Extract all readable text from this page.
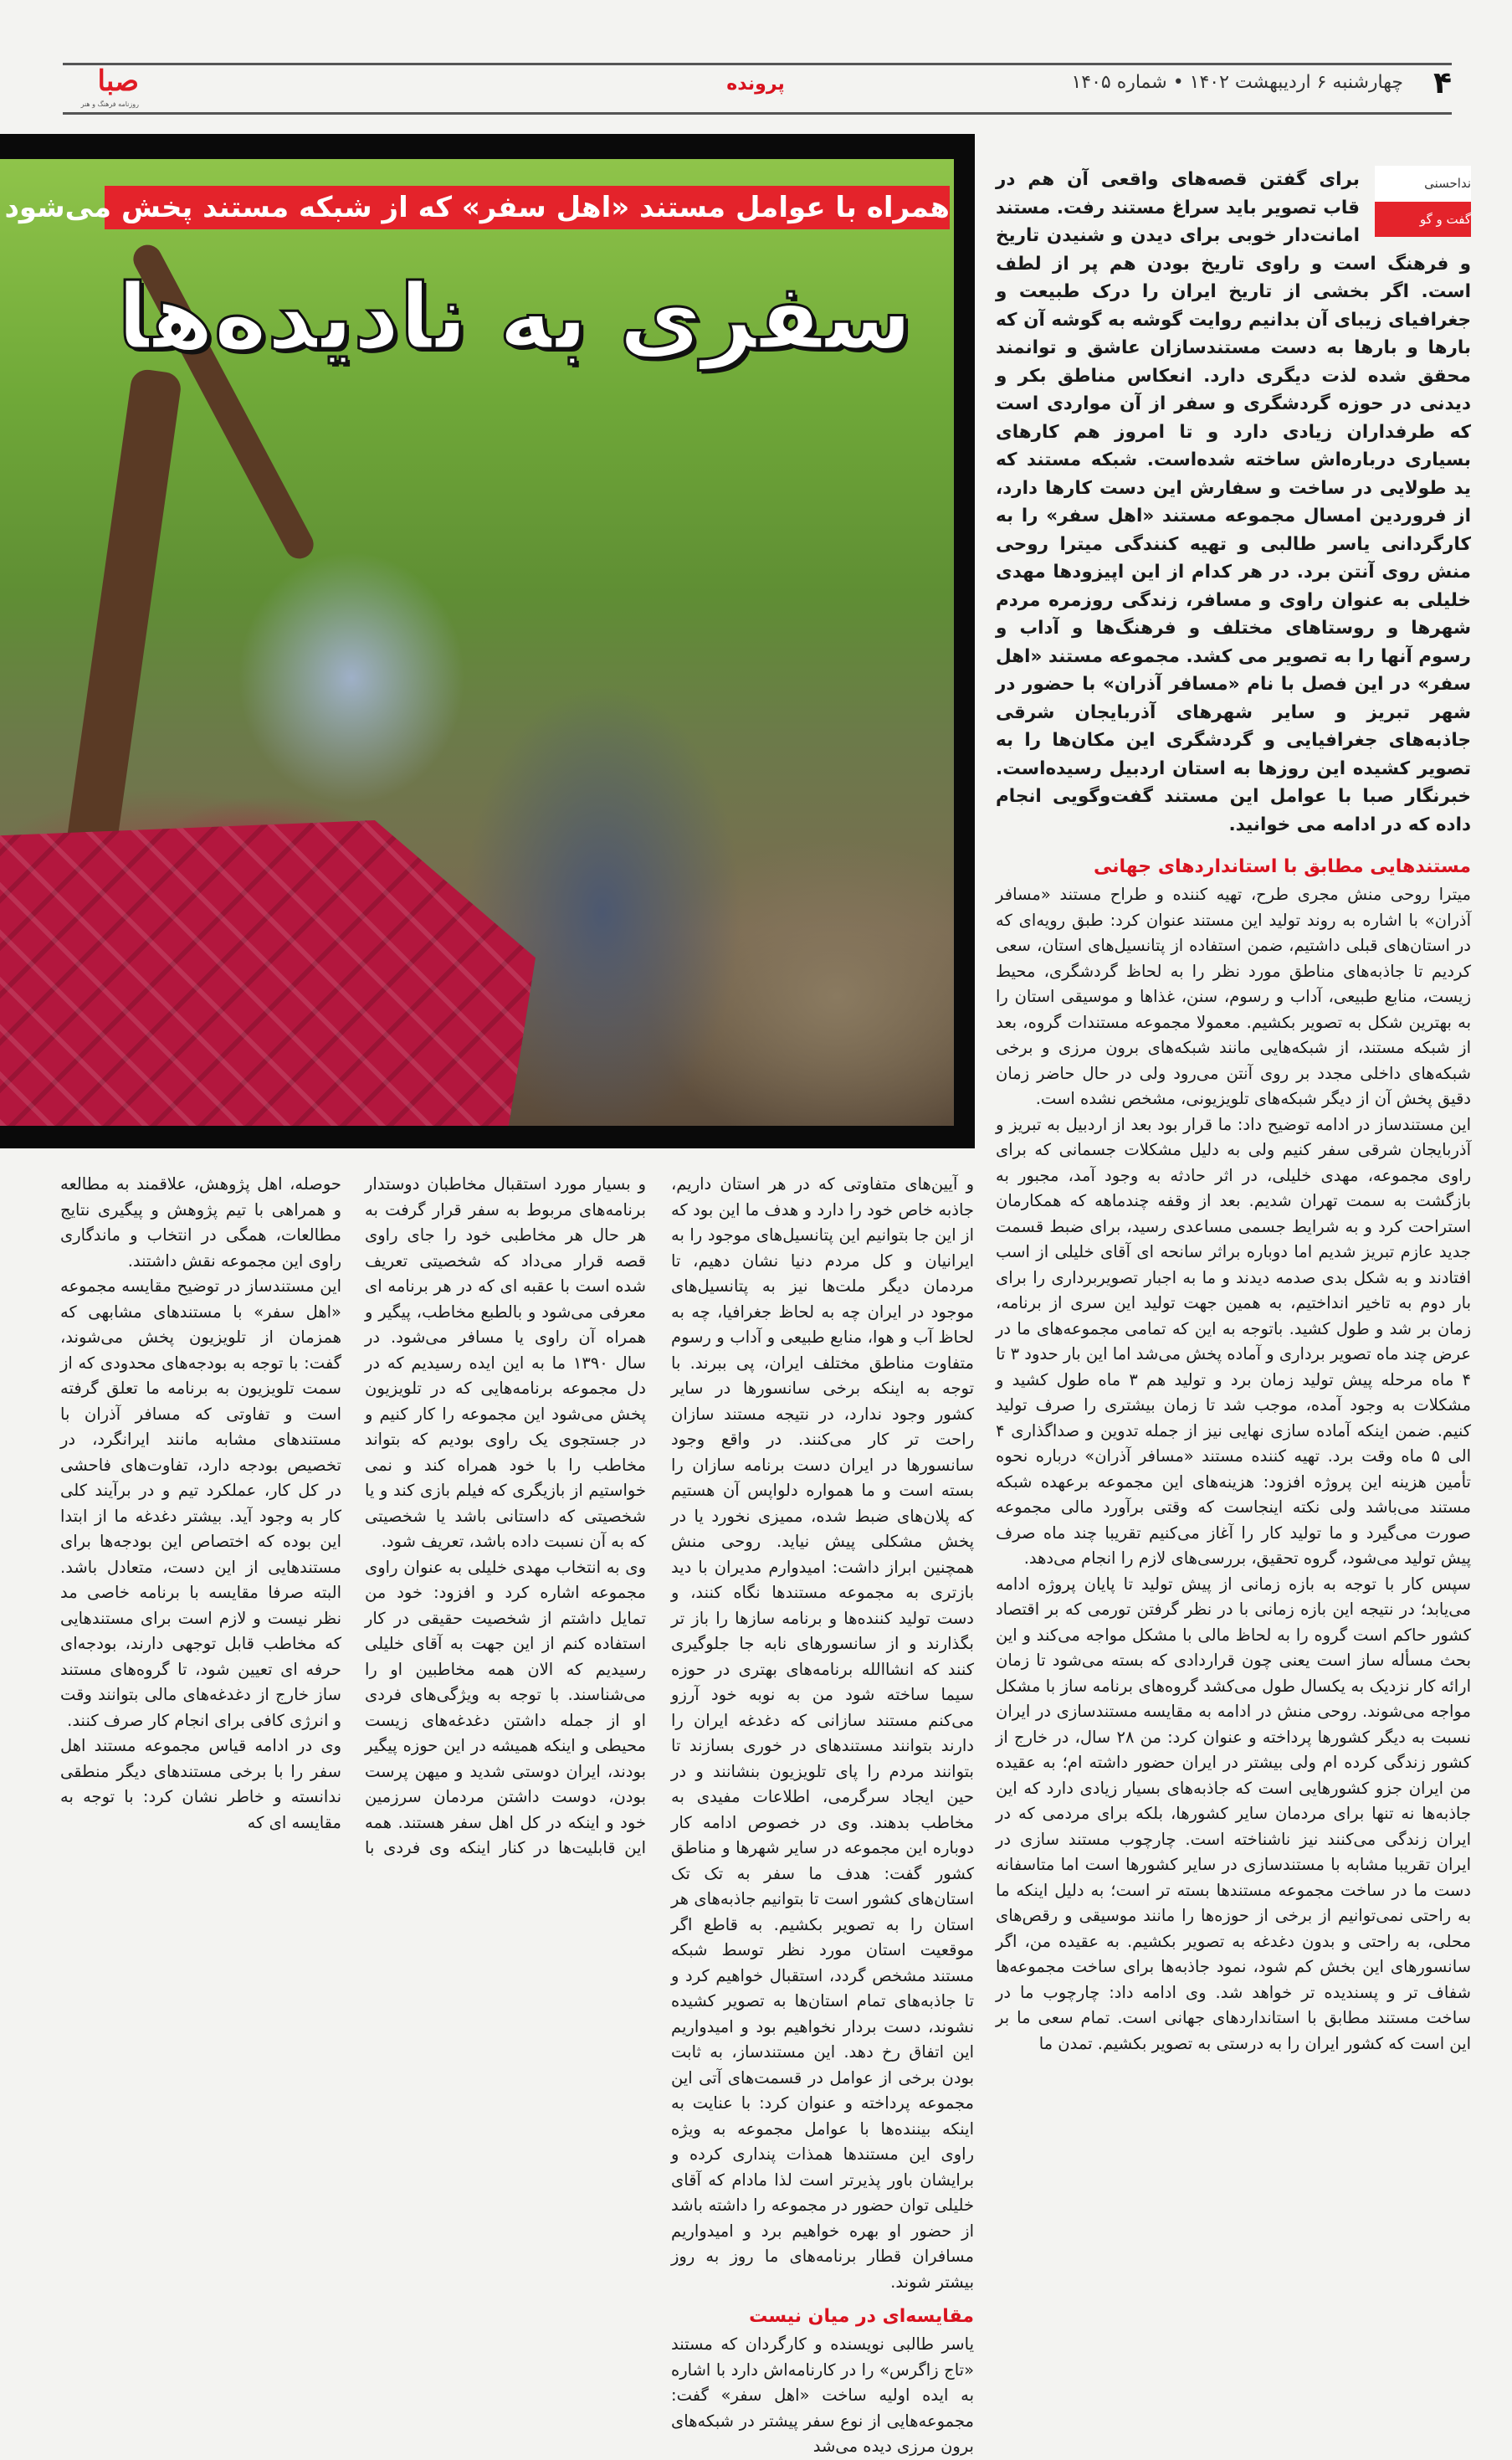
۴
چهارشنبه ۶ اردیبهشت ۱۴۰۲ • شماره ۱۴۰۵
پرونده
صبا
روزنامه فرهنگ و هنر
همراه با عوامل مستند «اهل سفر» که از شبکه مستند پخش می‌شود
سفری به نادیده‌ها
نداحسنی
گفت و گو

برای گفتن قصه‌های واقعی آن هم در قاب تصویر باید سراغ مستند رفت. مستند امانت‌دار خوبی برای دیدن و شنیدن تاریخ و فرهنگ است و راوی تاریخ بودن هم پر از لطف است. اگر بخشی از تاریخ ایران را درک طبیعت و جغرافیای زیبای آن بدانیم روایت گوشه به گوشه آن که بارها و بارها به دست مستندسازان عاشق و توانمند محقق شده لذت دیگری دارد. انعکاس مناطق بکر و دیدنی در حوزه گردشگری و سفر از آن مواردی است که طرفداران زیادی دارد و تا امروز هم کارهای بسیاری درباره‌اش ساخته شده‌است. شبکه مستند که ید طولایی در ساخت و سفارش این دست کارها دارد، از فروردین امسال مجموعه مستند «اهل سفر» را به کارگردانی یاسر طالبی و تهیه کنندگی میترا روحی منش روی آنتن برد. در هر کدام از این اپیزودها مهدی خلیلی به عنوان راوی و مسافر، زندگی روزمره مردم شهرها و روستاهای مختلف و فرهنگ‌ها و آداب و رسوم آنها را به تصویر می کشد. مجموعه مستند «اهل سفر» در این فصل با نام «مسافر آذران» با حضور در شهر تبریز و سایر شهرهای آذربایجان شرقی جاذبه‌های جغرافیایی و گردشگری این مکان‌ها را به تصویر کشیده این روزها به استان اردبیل رسیده‌است. خبرنگار صبا با عوامل این مستند گفت‌وگویی انجام داده که در ادامه می خوانید.

مستندهایی مطابق با استانداردهای جهانی

میترا روحی منش مجری طرح، تهیه کننده و طراح مستند «مسافر آذران» با اشاره به روند تولید این مستند عنوان کرد: طبق رویه‌ای که در استان‌های قبلی داشتیم، ضمن استفاده از پتانسیل‌های استان، سعی کردیم تا جاذبه‌های مناطق مورد نظر را به لحاظ گردشگری، محیط زیست، منابع طبیعی، آداب و رسوم، سنن، غذاها و موسیقی استان را به بهترین شکل به تصویر بکشیم. معمولا مجموعه مستندات گروه، بعد از شبکه مستند، از شبکه‌هایی مانند شبکه‌های برون مرزی و برخی شبکه‌های داخلی مجدد بر روی آنتن می‌رود ولی در حال حاضر زمان دقیق پخش آن از دیگر شبکه‌های تلویزیونی، مشخص نشده است.

این مستندساز در ادامه توضیح داد: ما قرار بود بعد از اردبیل به تبریز و آذربایجان شرقی سفر کنیم ولی به دلیل مشکلات جسمانی که برای راوی مجموعه، مهدی خلیلی، در اثر حادثه به وجود آمد، مجبور به بازگشت به سمت تهران شدیم. بعد از وقفه چندماهه که همکارمان استراحت کرد و به شرایط جسمی مساعدی رسید، برای ضبط قسمت جدید عازم تبریز شدیم اما دوباره براثر سانحه ای آقای خلیلی از اسب افتادند و به شکل بدی صدمه دیدند و ما به اجبار تصویربرداری را برای بار دوم به تاخیر انداختیم، به همین جهت تولید این سری از برنامه، زمان بر شد و طول کشید. باتوجه به این که تمامی مجموعه‌های ما در عرض چند ماه تصویر برداری و آماده پخش می‌شد اما این بار حدود ۳ تا ۴ ماه مرحله پیش تولید زمان برد و تولید هم ۳ ماه طول کشید و مشکلات به وجود آمده، موجب شد تا زمان بیشتری را صرف تولید کنیم. ضمن اینکه آماده سازی نهایی نیز از جمله تدوین و صداگذاری ۴ الی ۵ ماه وقت برد. تهیه کننده مستند «مسافر آذران» درباره نحوه تأمین هزینه این پروژه افزود: هزینه‌های این مجموعه برعهده شبکه مستند می‌باشد ولی نکته اینجاست که وقتی برآورد مالی مجموعه صورت می‌گیرد و ما تولید کار را آغاز می‌کنیم تقریبا چند ماه صرف پیش تولید می‌شود، گروه تحقیق، بررسی‌های لازم را انجام می‌دهد.

سپس کار با توجه به بازه زمانی از پیش تولید تا پایان پروژه ادامه می‌یابد؛ در نتیجه این بازه زمانی با در نظر گرفتن تورمی که بر اقتصاد کشور حاکم است گروه را به لحاظ مالی با مشکل مواجه می‌کند و این بحث مسأله ساز است یعنی چون قراردادی که بسته می‌شود تا زمان ارائه کار نزدیک به یکسال طول می‌کشد گروه‌های برنامه ساز با مشکل مواجه می‌شوند. روحی منش در ادامه به مقایسه مستندسازی در ایران نسبت به دیگر کشورها پرداخته و عنوان کرد: من ۲۸ سال، در خارج از کشور زندگی کرده ام ولی بیشتر در ایران حضور داشته ام؛ به عقیده من ایران جزو کشورهایی است که جاذبه‌های بسیار زیادی دارد که این جاذبه‌ها نه تنها برای مردمان سایر کشورها، بلکه برای مردمی که در ایران زندگی می‌کنند نیز ناشناخته است. چارچوب مستند سازی در ایران تقریبا مشابه با مستندسازی در سایر کشورها است اما متاسفانه دست ما در ساخت مجموعه مستندها بسته تر است؛ به دلیل اینکه ما به راحتی نمی‌توانیم از برخی از حوزه‌ها را مانند موسیقی و رقص‌های محلی، به راحتی و بدون دغدغه به تصویر بکشیم. به عقیده من، اگر سانسورهای این بخش کم شود، نمود جاذبه‌ها برای ساخت مجموعه‌ها شفاف تر و پسندیده تر خواهد شد. وی ادامه داد: چارچوب ما در ساخت مستند مطابق با استانداردهای جهانی است. تمام سعی ما بر این است که کشور ایران را به درستی به تصویر بکشیم. تمدن ما

و آیین‌های متفاوتی که در هر استان داریم، جاذبه خاص خود را دارد و هدف ما این بود که از این جا بتوانیم این پتانسیل‌های موجود را به ایرانیان و کل مردم دنیا نشان دهیم، تا مردمان دیگر ملت‌ها نیز به پتانسیل‌های موجود در ایران چه به لحاظ جغرافیا، چه به لحاظ آب و هوا، منابع طبیعی و آداب و رسوم متفاوت مناطق مختلف ایران، پی ببرند. با توجه به اینکه برخی سانسورها در سایر کشور وجود ندارد، در نتیجه مستند سازان راحت تر کار می‌کنند. در واقع وجود سانسورها در ایران دست برنامه سازان را بسته است و ما همواره دلواپس آن هستیم که پلان‌های ضبط شده، ممیزی نخورد یا در پخش مشکلی پیش نیاید. روحی منش همچنین ابراز داشت: امیدوارم مدیران با دید بازتری به مجموعه مستندها نگاه کنند، و دست تولید کننده‌ها و برنامه سازها را باز تر بگذارند و از سانسورهای نابه جا جلوگیری کنند که انشاالله برنامه‌های بهتری در حوزه سیما ساخته شود من به نوبه خود آرزو می‌کنم مستند سازانی که دغدغه ایران را دارند بتوانند مستندهای در خوری بسازند تا بتوانند مردم را پای تلویزیون بنشانند و در حین ایجاد سرگرمی، اطلاعات مفیدی به مخاطب بدهند. وی در خصوص ادامه کار دوباره این مجموعه در سایر شهرها و مناطق کشور گفت: هدف ما سفر به تک تک استان‌های کشور است تا بتوانیم جاذبه‌های هر استان را به تصویر بکشیم. به قاطع اگر موقعیت استان مورد نظر توسط شبکه مستند مشخص گردد، استقبال خواهیم کرد و تا جاذبه‌های تمام استان‌ها به تصویر کشیده نشوند، دست بردار نخواهیم بود و امیدواریم این اتفاق رخ دهد. این مستندساز، به ثابت بودن برخی از عوامل در قسمت‌های آتی این مجموعه پرداخته و عنوان کرد: با عنایت به اینکه بیننده‌ها با عوامل مجموعه به ویژه راوی این مستندها همذات پنداری کرده و برایشان باور پذیرتر است لذا مادام که آقای خلیلی توان حضور در مجموعه را داشته باشد از حضور او بهره خواهیم برد و امیدواریم مسافران قطار برنامه‌های ما روز به روز بیشتر شوند.

مقایسه‌ای در میان نیست

یاسر طالبی نویسنده و کارگردان که مستند «تاج زاگرس» را در کارنامه‌اش دارد با اشاره به ایده اولیه ساخت «اهل سفر» گفت: مجموعه‌هایی از نوع سفر پیشتر در شبکه‌های برون مرزی دیده می‌شد

و بسیار مورد استقبال مخاطبان دوستدار برنامه‌های مربوط به سفر قرار گرفت به هر حال هر مخاطبی خود را جای راوی قصه قرار می‌داد که شخصیتی تعریف شده است با عقبه ای که در هر برنامه ای معرفی می‌شود و بالطبع مخاطب، پیگیر و همراه آن راوی یا مسافر می‌شود. در سال ۱۳۹۰ ما به این ایده رسیدیم که در دل مجموعه برنامه‌هایی که در تلویزیون پخش می‌شود این مجموعه را کار کنیم و در جستجوی یک راوی بودیم که بتواند مخاطب را با خود همراه کند و نمی خواستیم از بازیگری که فیلم بازی کند و یا شخصیتی که داستانی باشد یا شخصیتی که به آن نسبت داده باشد، تعریف شود.

وی به انتخاب مهدی خلیلی به عنوان راوی مجموعه اشاره کرد و افزود: خود من تمایل داشتم از شخصیت حقیقی در کار استفاده کنم از این جهت به آقای خلیلی رسیدیم که الان همه مخاطبین او را می‌شناسند. با توجه به ویژگی‌های فردی او از جمله داشتن دغدغه‌های زیست محیطی و اینکه همیشه در این حوزه پیگیر بودند، ایران دوستی شدید و میهن پرست بودن، دوست داشتن مردمان سرزمین خود و اینکه در کل اهل سفر هستند. همه این قابلیت‌ها در کنار اینکه وی فردی با حوصله، اهل پژوهش، علاقمند به مطالعه و همراهی با تیم پژوهش و پیگیری نتایج مطالعات، همگی در انتخاب و ماندگاری راوی این مجموعه نقش داشتند.

این مستندساز در توضیح مقایسه مجموعه «اهل سفر» با مستندهای مشابهی که همزمان از تلویزیون پخش می‌شوند، گفت: با توجه به بودجه‌های محدودی که از سمت تلویزیون به برنامه ما تعلق گرفته است و تفاوتی که مسافر آذران با مستندهای مشابه مانند ایرانگرد، در تخصیص بودجه دارد، تفاوت‌های فاحشی در کل کار، عملکرد تیم و در برآیند کلی کار به وجود آید. بیشتر دغدغه ما از ابتدا این بوده که اختصاص این بودجه‌ها برای مستندهایی از این دست، متعادل باشد. البته صرفا مقایسه با برنامه خاصی مد نظر نیست و لازم است برای مستندهایی که مخاطب قابل توجهی دارند، بودجه‌ای حرفه ای تعیین شود، تا گروه‌های مستند ساز خارج از دغدغه‌های مالی بتوانند وقت و انرژی کافی برای انجام کار صرف کنند.

وی در ادامه قیاس مجموعه مستند اهل سفر را با برخی مستندهای دیگر منطقی ندانسته و خاطر نشان کرد: با توجه به مقایسه ای که
